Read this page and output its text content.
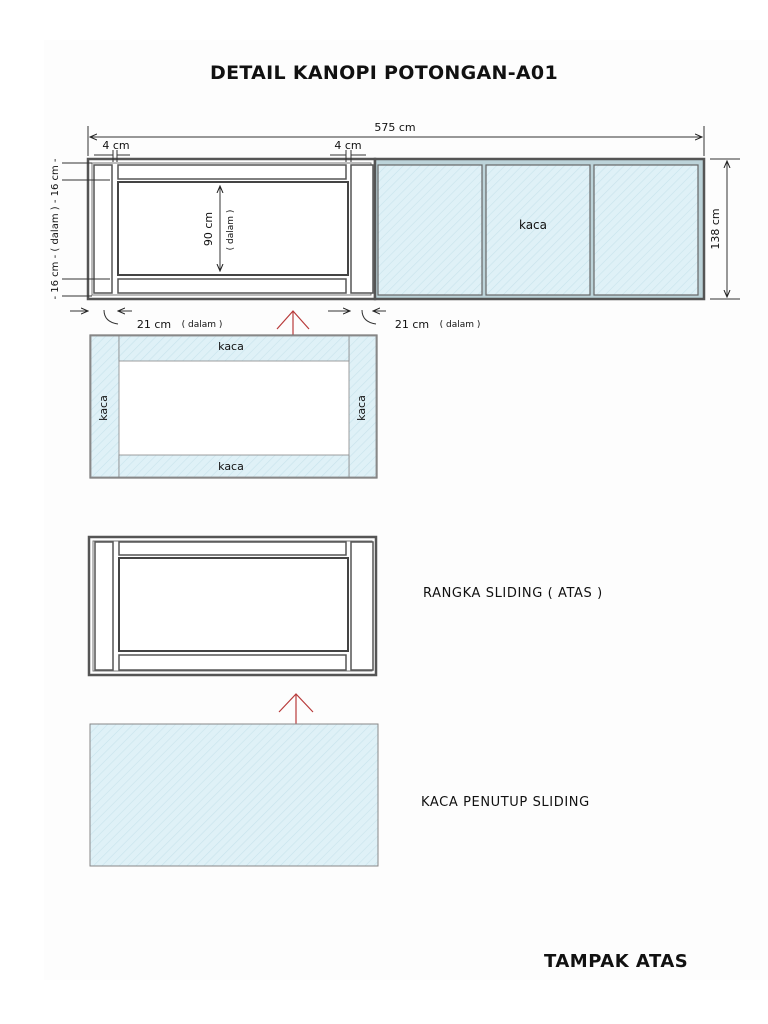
DETAIL KANOPI POTONGAN-A01
kaca
575 cm
4 cm	4 cm
90 cm ( dalam )	138 cm
- 16 cm - ( dalam ) - 16 cm -
21 cm ( dalam )	21 cm ( dalam )
kaca
kaca
kaca	kaca
RANGKA SLIDING ( ATAS )
KACA PENUTUP SLIDING
TAMPAK ATAS
